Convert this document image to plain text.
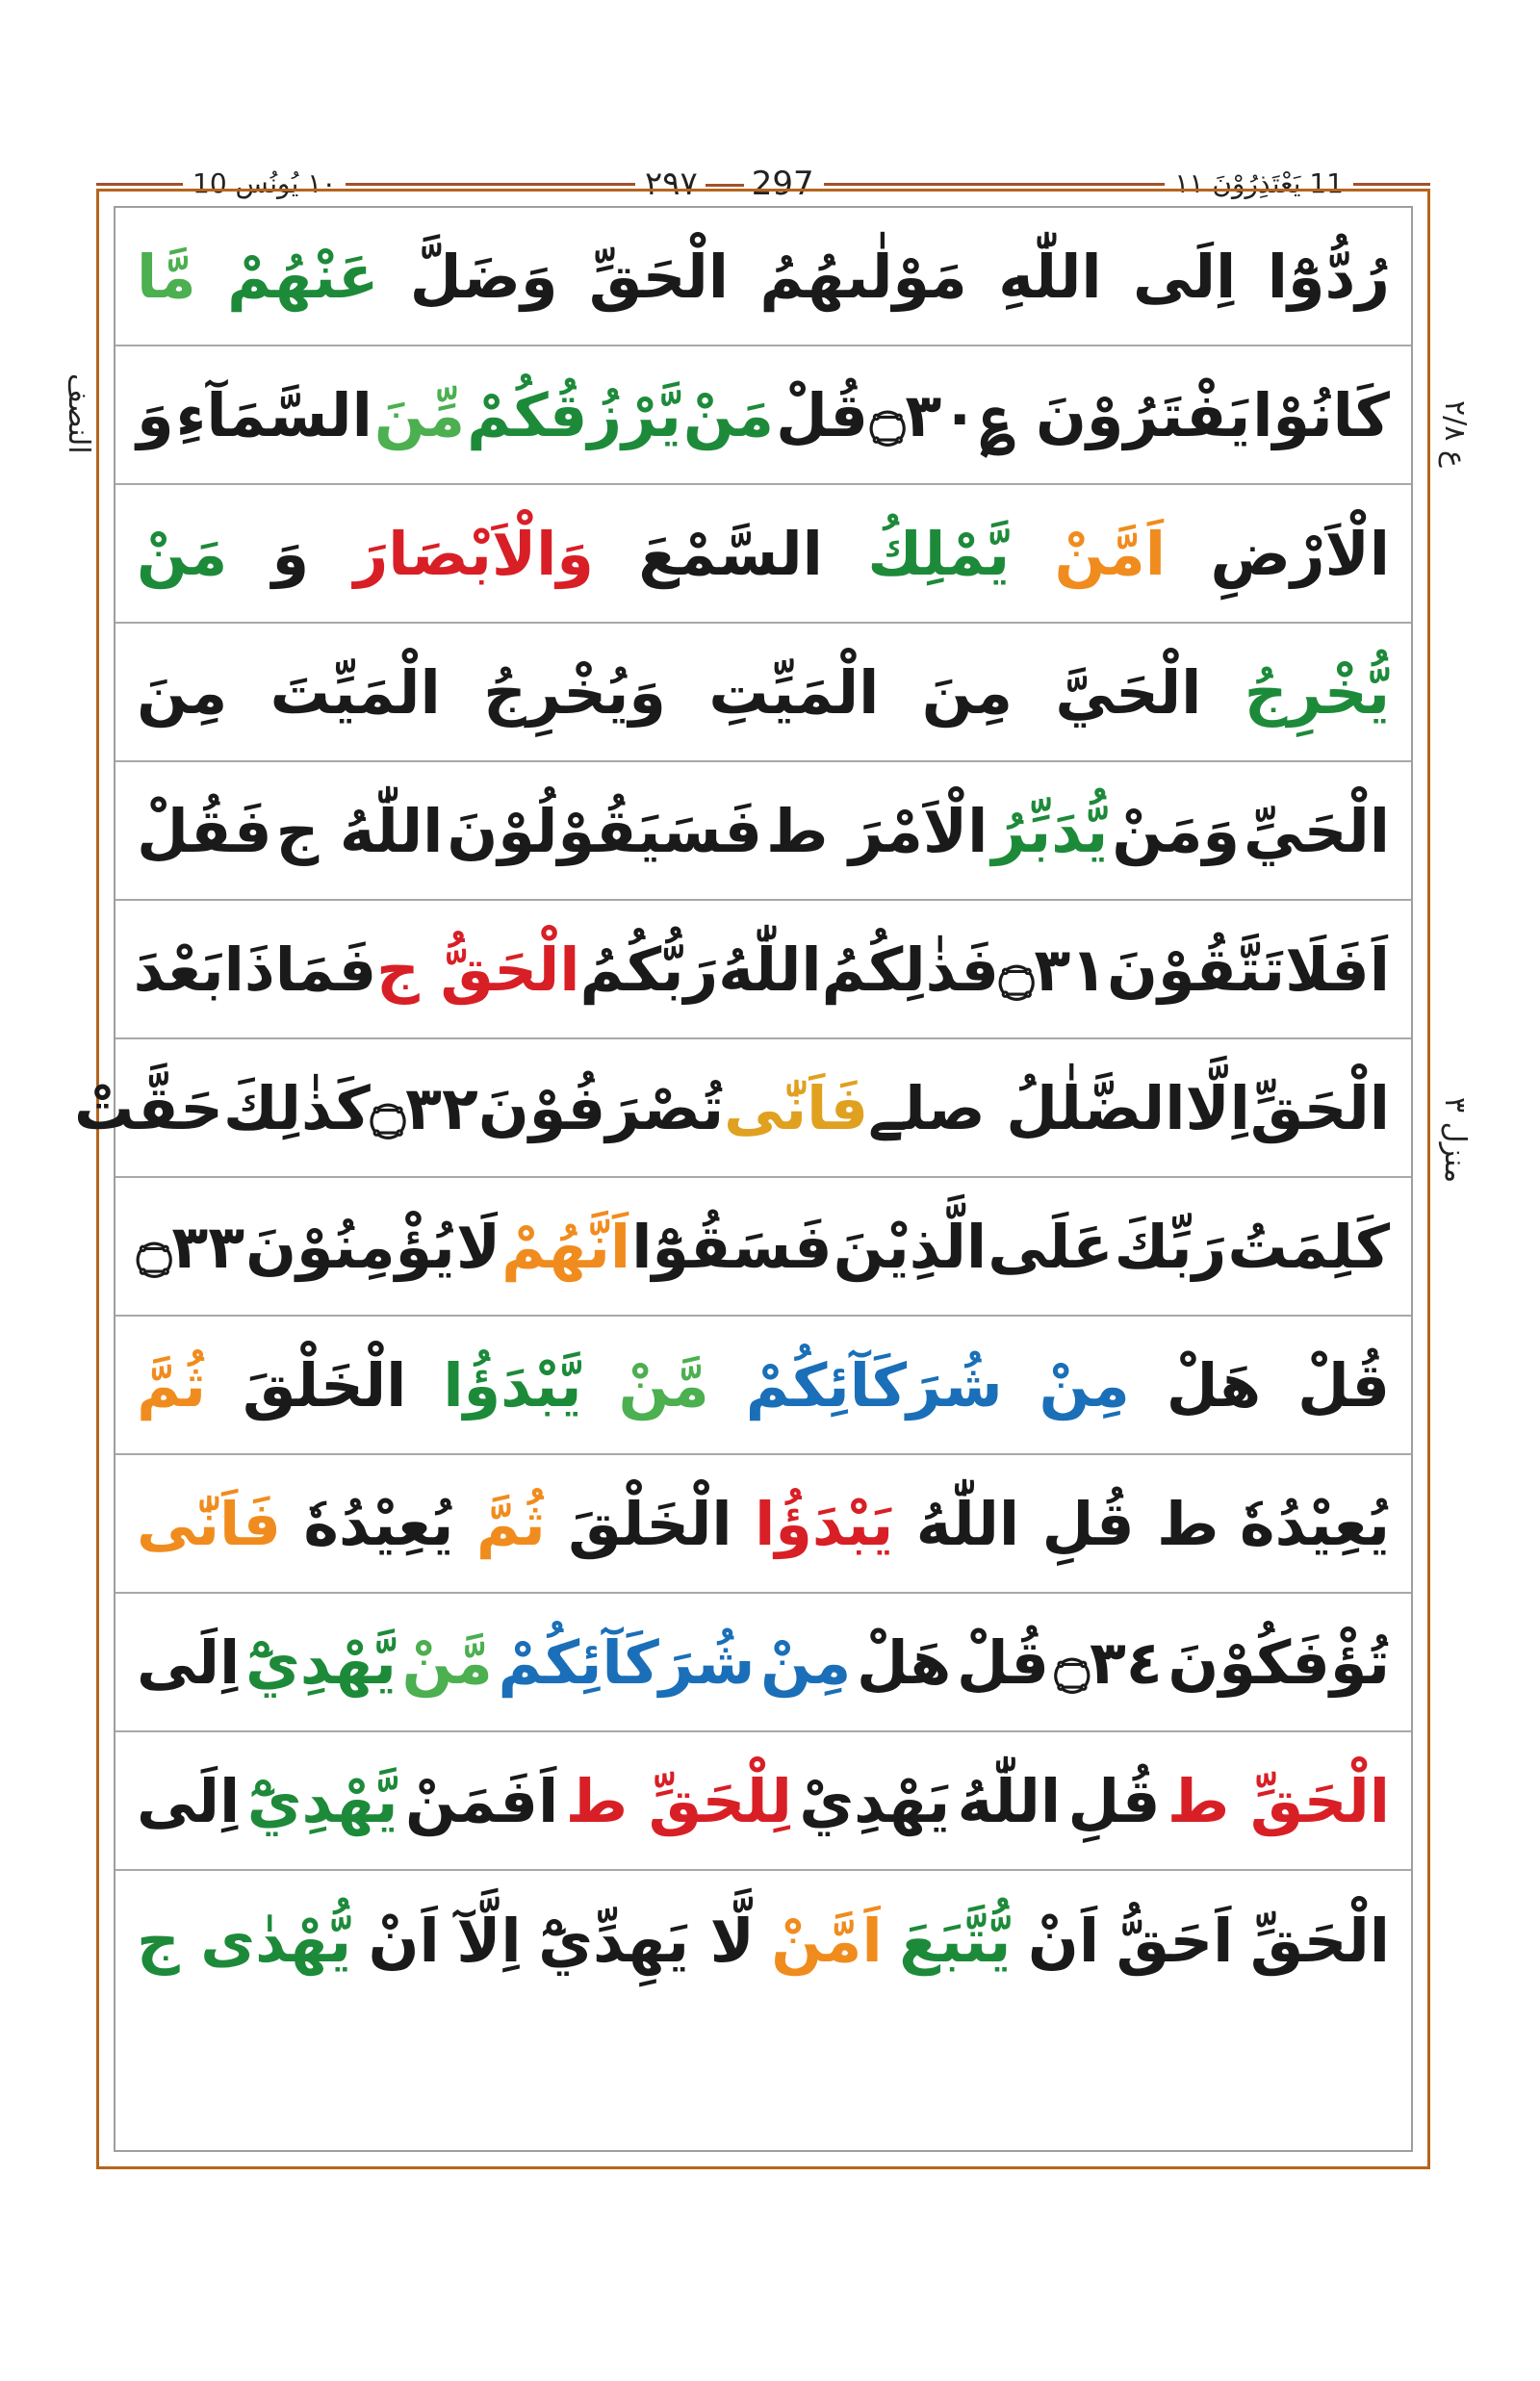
١٠ يُونُس 10	٢٩٧ 297	11 يَعْتَذِرُوْنَ ١١
النصف	ع ٢/٨
منزل ٣
رُدُّوْٓا
اِلَى
اللّٰهِ
مَوْلٰىهُمُ
الْحَقِّ
وَضَلَّ
عَنْهُمْ
مَّا
كَانُوْا
يَفْتَرُوْنَ ؏
۝٣٠
قُلْ
مَنْ
يَّرْزُقُكُمْ
مِّنَ
السَّمَآءِ
وَ
الْاَرْضِ
اَمَّنْ
يَّمْلِكُ
السَّمْعَ
وَالْاَبْصَارَ
وَ
مَنْ
يُّخْرِجُ
الْحَيَّ
مِنَ
الْمَيِّتِ
وَيُخْرِجُ
الْمَيِّتَ
مِنَ
الْحَيِّ
وَمَنْ
يُّدَبِّرُ
الْاَمْرَ ط
فَسَيَقُوْلُوْنَ
اللّٰهُ ج
فَقُلْ
اَفَلَا
تَتَّقُوْنَ
۝٣١
فَذٰلِكُمُ
اللّٰهُ
رَبُّكُمُ
الْحَقُّ ج
فَمَاذَا
بَعْدَ
الْحَقِّ
اِلَّا
الضَّلٰلُ صلے
فَاَنّٰى
تُصْرَفُوْنَ
۝٣٢
كَذٰلِكَ
حَقَّتْ
كَلِمَتُ
رَبِّكَ
عَلَى
الَّذِيْنَ
فَسَقُوْٓا
اَنَّهُمْ
لَا
يُؤْمِنُوْنَ
۝٣٣
قُلْ
هَلْ
مِنْ
شُرَكَآئِكُمْ
مَّنْ
يَّبْدَؤُا
الْخَلْقَ
ثُمَّ
يُعِيْدُهٗ ط
قُلِ
اللّٰهُ
يَبْدَؤُا
الْخَلْقَ
ثُمَّ
يُعِيْدُهٗ
فَاَنّٰى
تُؤْفَكُوْنَ
۝٣٤
قُلْ
هَلْ
مِنْ
شُرَكَآئِكُمْ
مَّنْ
يَّهْدِيْٓ
اِلَى
الْحَقِّ ط
قُلِ
اللّٰهُ
يَهْدِيْ
لِلْحَقِّ ط
اَفَمَنْ
يَّهْدِيْٓ
اِلَى
الْحَقِّ
اَحَقُّ
اَنْ
يُّتَّبَعَ
اَمَّنْ
لَّا يَهِدِّيْٓ
اِلَّآ
اَنْ
يُّهْدٰى ج
